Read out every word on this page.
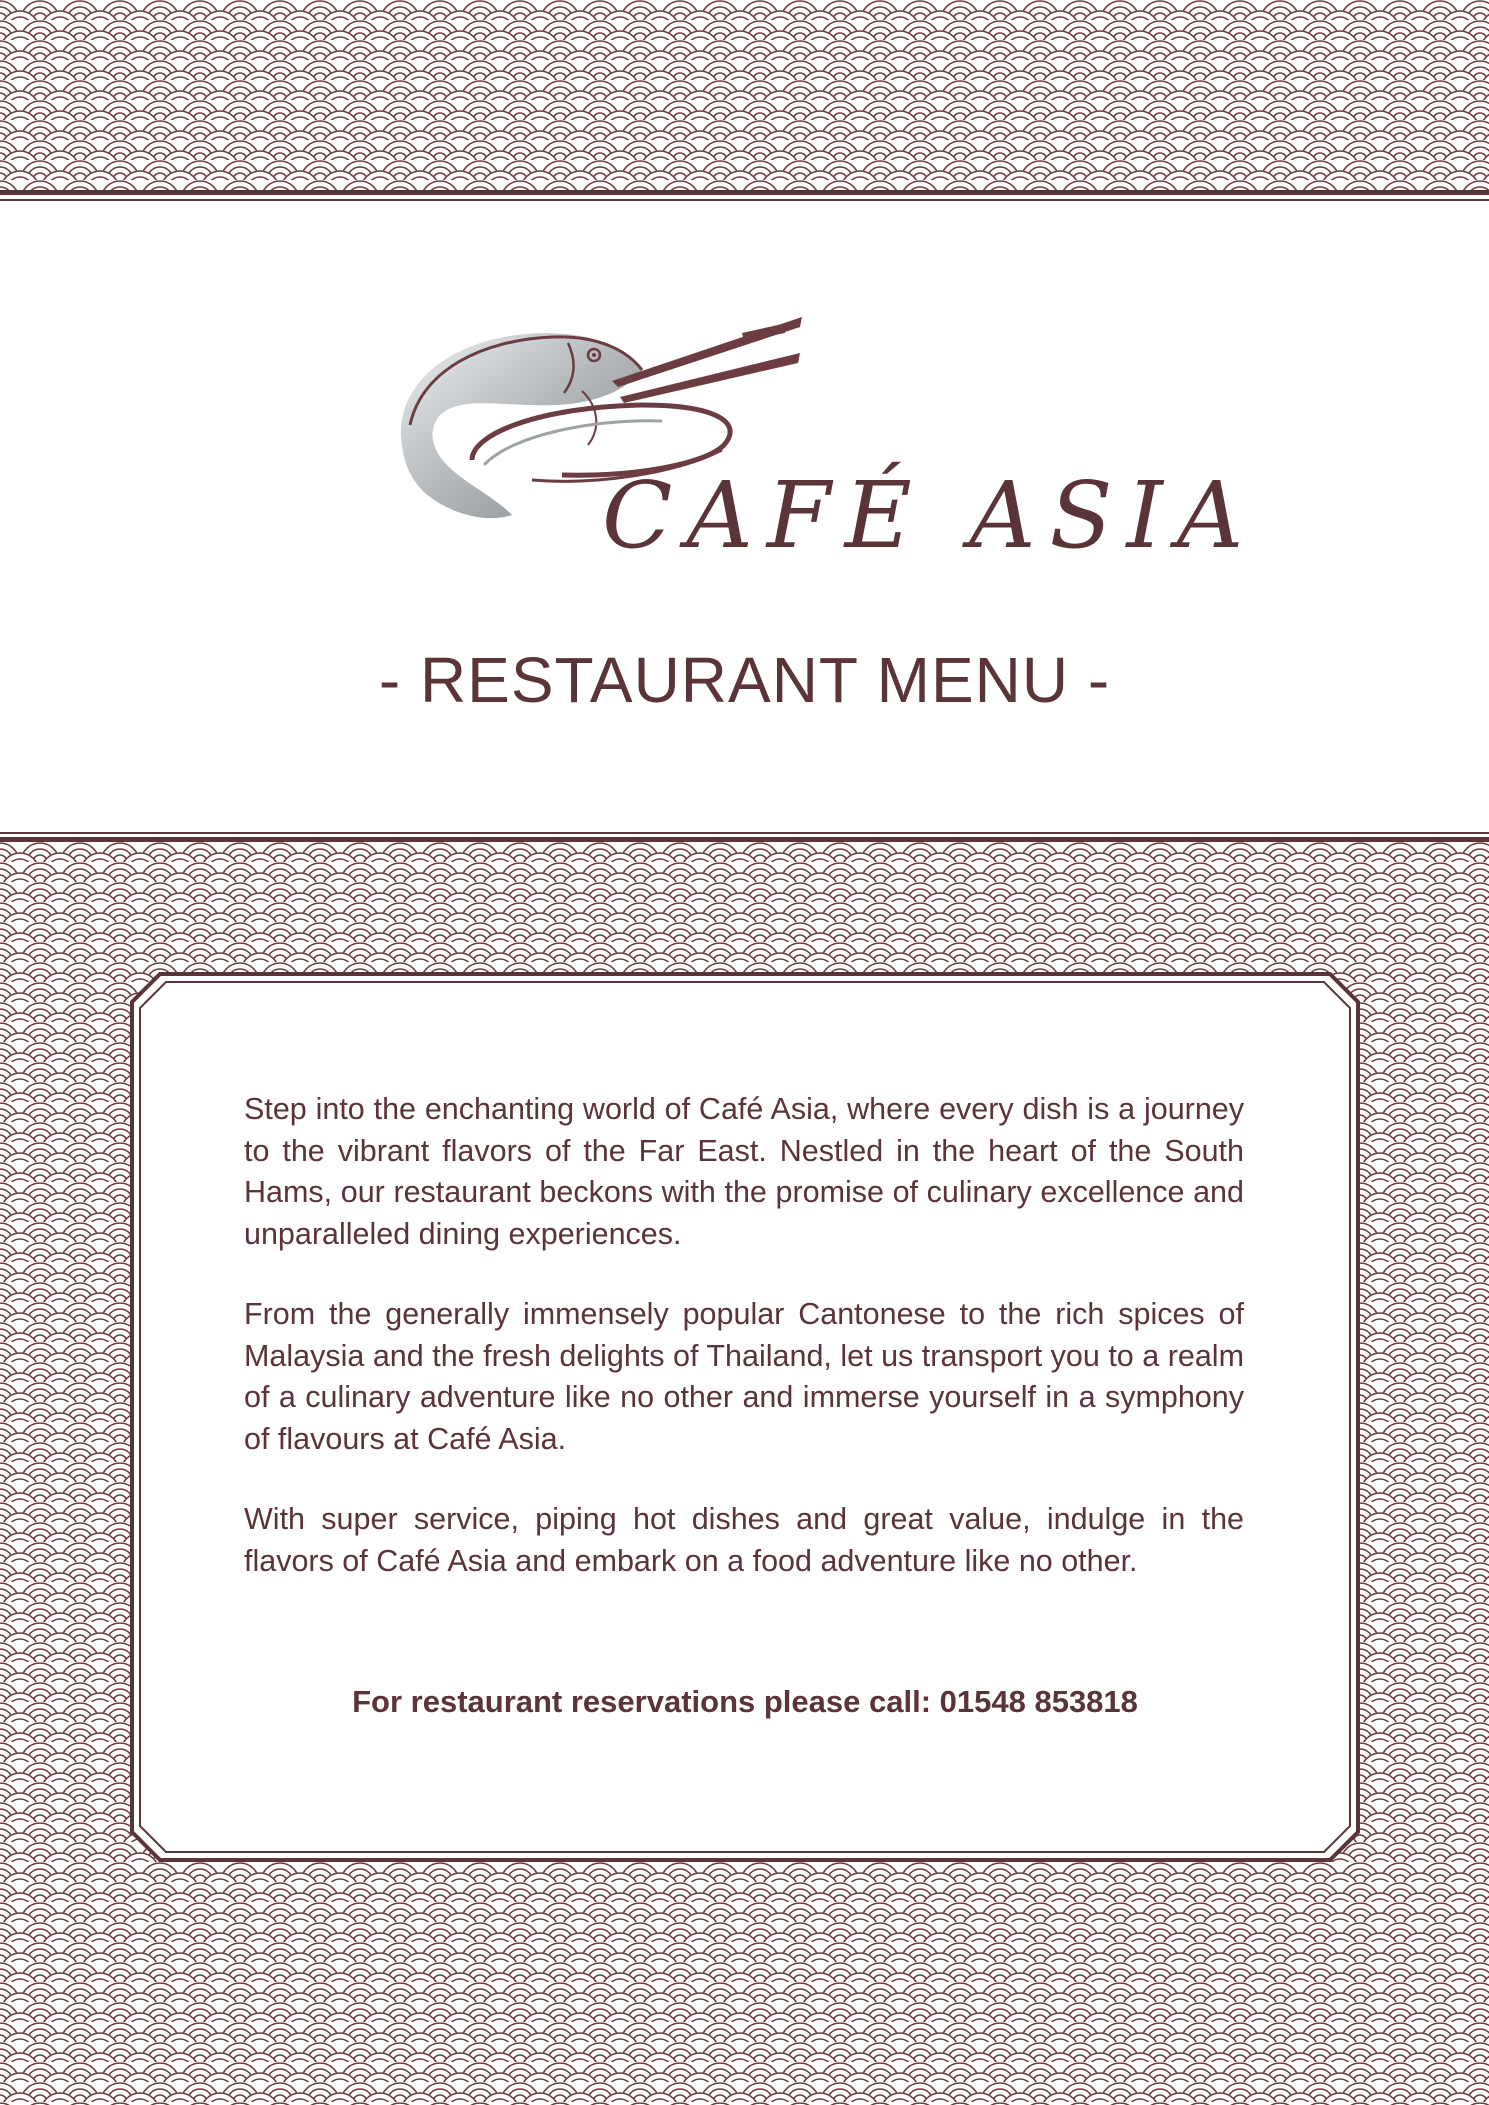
CAFÉ ASIA
- RESTAURANT MENU -

Step into the enchanting world of Café Asia, where every dish is a journey to the vibrant flavors of the Far East. Nestled in the heart of the South Hams, our restaurant beckons with the promise of culinary excellence and unparalleled dining experiences.

From the generally immensely popular Cantonese to the rich spices of Malaysia and the fresh delights of Thailand, let us transport you to a realm of a culinary adventure like no other and immerse yourself in a symphony of flavours at Café Asia.

With super service, piping hot dishes and great value, indulge in the flavors of Café Asia and embark on a food adventure like no other.

For restaurant reservations please call: 01548 853818
